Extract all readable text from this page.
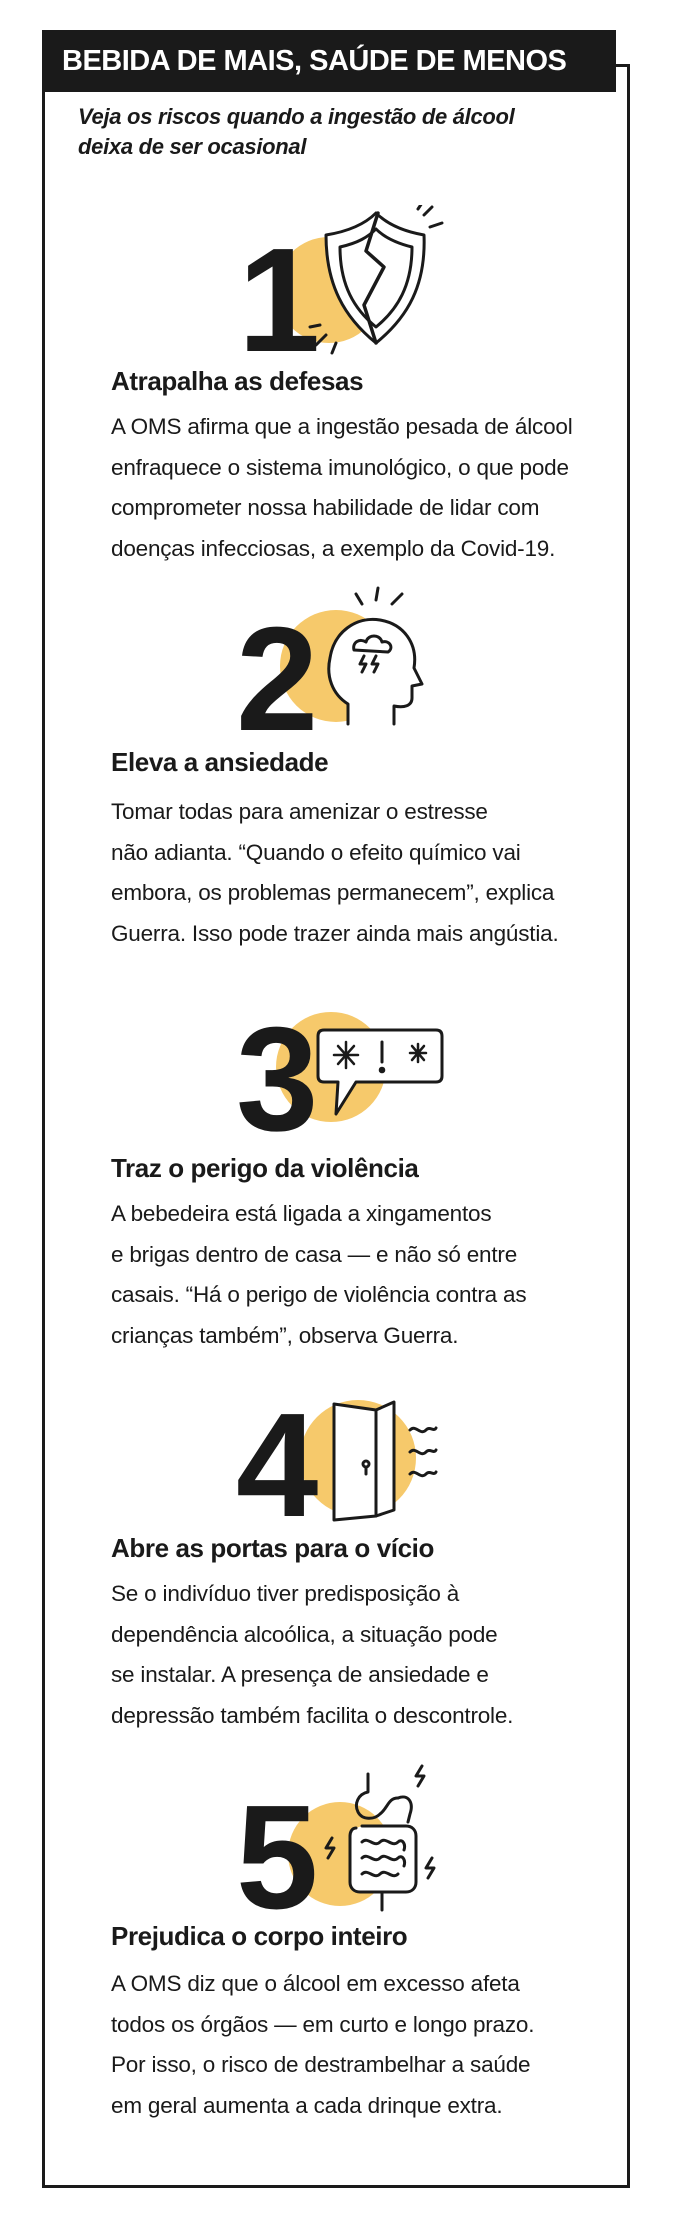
BEBIDA DE MAIS, SAÚDE DE MENOS
Veja os riscos quando a ingestão de álcool
deixa de ser ocasional
1
Atrapalha as defesas
A OMS afirma que a ingestão pesada de álcool
enfraquece o sistema imunológico, o que pode
comprometer nossa habilidade de lidar com
doenças infecciosas, a exemplo da Covid-19.
2
Eleva a ansiedade
Tomar todas para amenizar o estresse
não adianta. “Quando o efeito químico vai
embora, os problemas permanecem”, explica
Guerra. Isso pode trazer ainda mais angústia.
3
Traz o perigo da violência
A bebedeira está ligada a xingamentos
e brigas dentro de casa — e não só entre
casais. “Há o perigo de violência contra as
crianças também”, observa Guerra.
4
Abre as portas para o vício
Se o indivíduo tiver predisposição à
dependência alcoólica, a situação pode
se instalar. A presença de ansiedade e
depressão também facilita o descontrole.
5
Prejudica o corpo inteiro
A OMS diz que o álcool em excesso afeta
todos os órgãos — em curto e longo prazo.
Por isso, o risco de destrambelhar a saúde
em geral aumenta a cada drinque extra.
